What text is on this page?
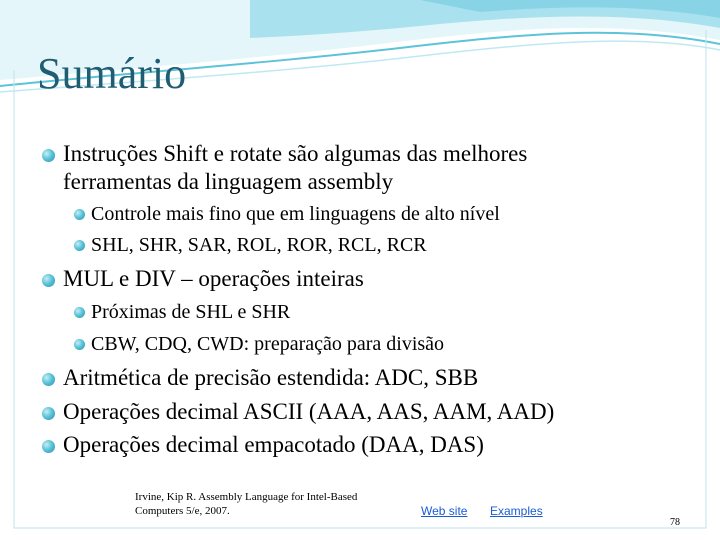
Sumário
Instruções Shift e rotate são algumas das melhores
ferramentas da linguagem assembly
Controle mais fino que em linguagens de alto nível
SHL, SHR, SAR, ROL, ROR, RCL, RCR
MUL e DIV – operações inteiras
Próximas de SHL e SHR
CBW, CDQ, CWD: preparação para divisão
Aritmética de precisão estendida: ADC, SBB
Operações decimal ASCII (AAA, AAS, AAM, AAD)
Operações decimal empacotado (DAA, DAS)
Irvine, Kip R. Assembly Language for Intel-Based
Computers 5/e, 2007.	Web site Examples
78
